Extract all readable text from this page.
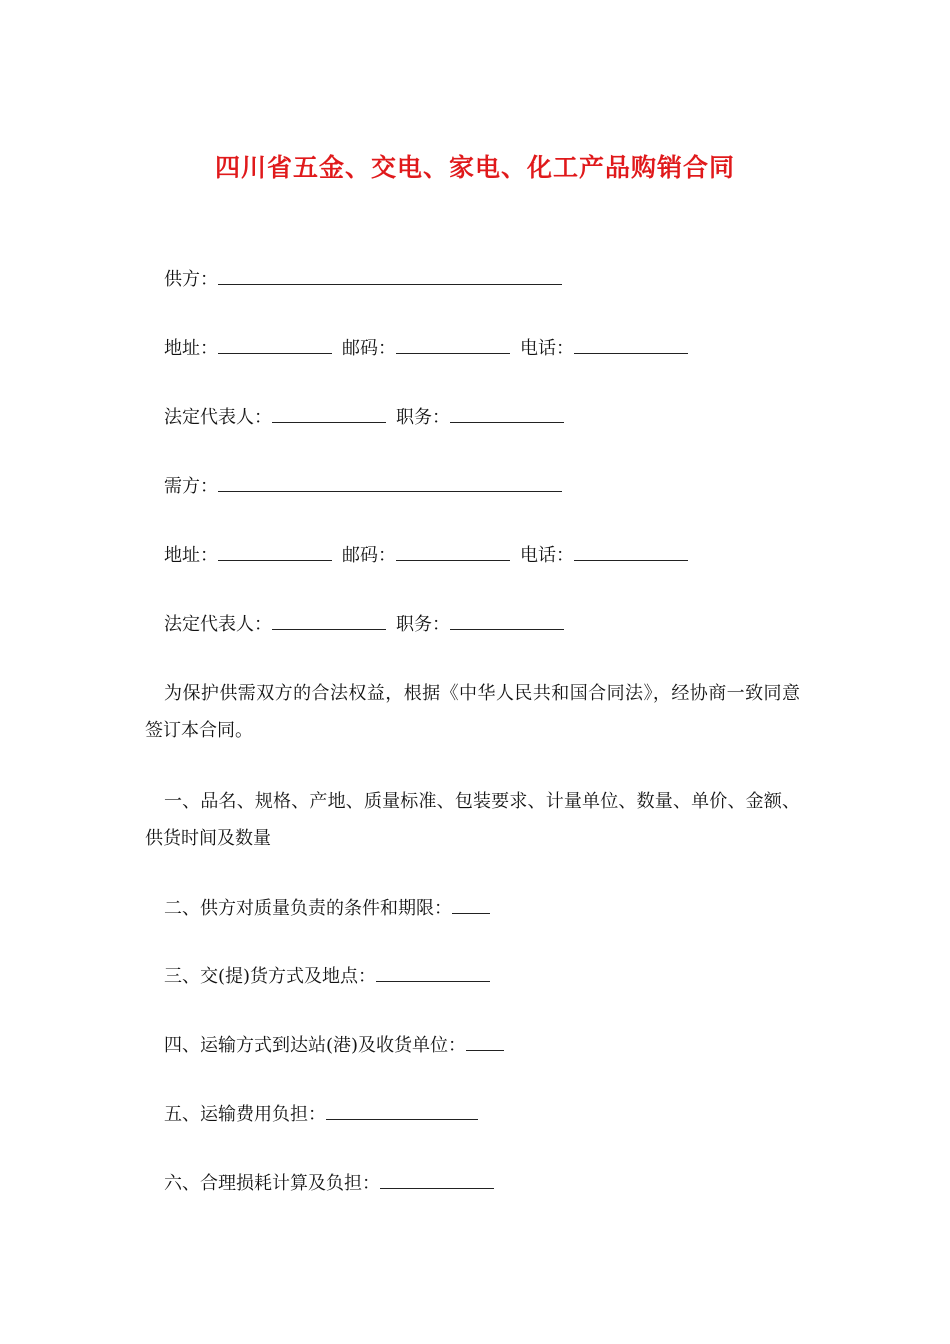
四川省五金、交电、家电、化工产品购销合同
供方：
地址：	邮码：	电话：
法定代表人：	职务：
需方：
地址：	邮码：	电话：
法定代表人：	职务：
为保护供需双方的合法权益，根据《中华人民共和国合同法》，经协商一致同意签订本合同。
一、品名、规格、产地、质量标准、包装要求、计量单位、数量、单价、金额、供货时间及数量
二、供方对质量负责的条件和期限：
三、交(提)货方式及地点：
四、运输方式到达站(港)及收货单位：
五、运输费用负担：
六、合理损耗计算及负担：
